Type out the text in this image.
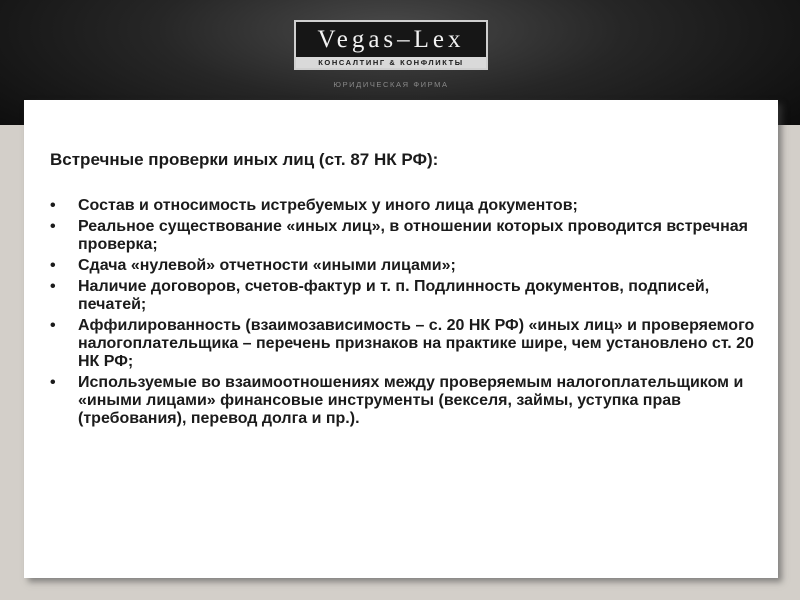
Vegas–Lex
КОНСАЛТИНГ & КОНФЛИКТЫ
ЮРИДИЧЕСКАЯ ФИРМА
Встречные проверки иных лиц (ст. 87 НК РФ):
• Состав и относимость истребуемых у иного лица документов;
• Реальное существование «иных лиц», в отношении которых проводится встречная проверка;
• Сдача «нулевой» отчетности «иными лицами»;
• Наличие договоров, счетов-фактур и т. п. Подлинность документов, подписей, печатей;
• Аффилированность (взаимозависимость – с. 20 НК РФ) «иных лиц» и проверяемого налогоплательщика – перечень признаков на практике шире, чем установлено ст. 20 НК РФ;
• Используемые во взаимоотношениях между проверяемым налогоплательщиком и «иными лицами» финансовые инструменты (векселя, займы, уступка прав (требования), перевод долга и пр.).
